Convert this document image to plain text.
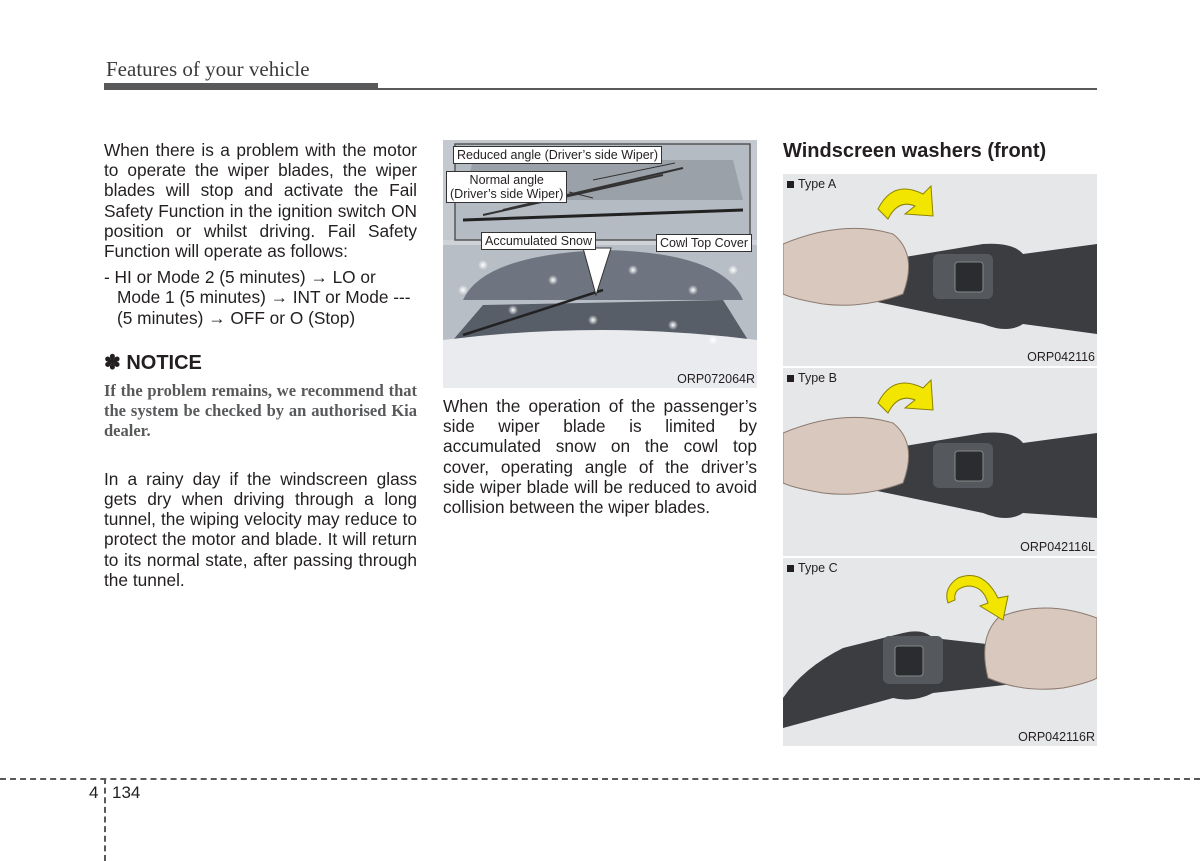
Features of your vehicle

When there is a problem with the motor to operate the wiper blades, the wiper blades will stop and activate the Fail Safety Function in the ignition switch ON position or whilst driving. Fail Safety Function will operate as follows:

- HI or Mode 2 (5 minutes) → LO or Mode 1 (5 minutes) → INT or Mode --- (5 minutes) → OFF or O (Stop)

✽ NOTICE

If the problem remains, we recommend that the system be checked by an authorised Kia dealer.

In a rainy day if the windscreen glass gets dry when driving through a long tunnel, the wiping velocity may reduce to protect the motor and blade. It will return to its normal state, after passing through the tunnel.

Reduced angle (Driver’s side Wiper)
Normal angle
(Driver’s side Wiper)
Accumulated Snow	Cowl Top Cover
ORP072064R

When the operation of the passenger’s side wiper blade is limited by accumulated snow on the cowl top cover, operating angle of the driver’s side wiper blade will be reduced to avoid collision between the wiper blades.

Windscreen washers (front)
Type A
ORP042116
Type B
ORP042116L
Type C
ORP042116R
4 134
